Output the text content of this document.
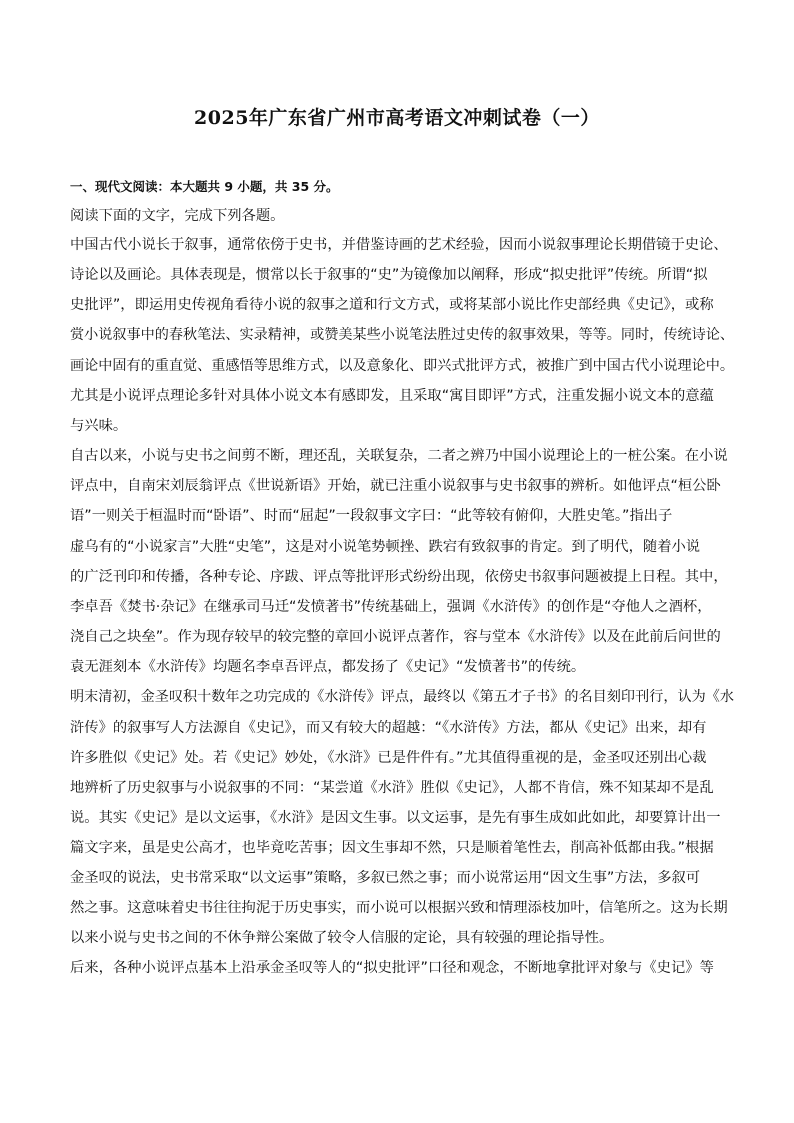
2025年广东省广州市高考语文冲刺试卷（一）
一、现代文阅读：本大题共 9 小题，共 35 分。
阅读下面的文字，完成下列各题。
中国古代小说长于叙事，通常依傍于史书，并借鉴诗画的艺术经验，因而小说叙事理论长期借镜于史论、
诗论以及画论。具体表现是，惯常以长于叙事的“史”为镜像加以阐释，形成“拟史批评”传统。所谓“拟
史批评”，即运用史传视角看待小说的叙事之道和行文方式，或将某部小说比作史部经典《史记》，或称
赏小说叙事中的春秋笔法、实录精神，或赞美某些小说笔法胜过史传的叙事效果，等等。同时，传统诗论、
画论中固有的重直觉、重感悟等思维方式，以及意象化、即兴式批评方式，被推广到中国古代小说理论中。
尤其是小说评点理论多针对具体小说文本有感即发，且采取“寓目即评”方式，注重发掘小说文本的意蕴
与兴味。
自古以来，小说与史书之间剪不断，理还乱，关联复杂，二者之辨乃中国小说理论上的一桩公案。在小说
评点中，自南宋刘辰翁评点《世说新语》开始，就已注重小说叙事与史书叙事的辨析。如他评点“桓公卧
语”一则关于桓温时而“卧语”、时而“屈起”一段叙事文字曰：“此等较有俯仰，大胜史笔。”指出子
虚乌有的“小说家言”大胜“史笔”，这是对小说笔势顿挫、跌宕有致叙事的肯定。到了明代，随着小说
的广泛刊印和传播，各种专论、序跋、评点等批评形式纷纷出现，依傍史书叙事问题被提上日程。其中，
李卓吾《焚书·杂记》在继承司马迁“发愤著书”传统基础上，强调《水浒传》的创作是“夺他人之酒杯，
浇自己之块垒”。作为现存较早的较完整的章回小说评点著作，容与堂本《水浒传》以及在此前后问世的
袁无涯刻本《水浒传》均题名李卓吾评点，都发扬了《史记》“发愤著书”的传统。
明末清初，金圣叹积十数年之功完成的《水浒传》评点，最终以《第五才子书》的名目刻印刊行，认为《水
浒传》的叙事写人方法源自《史记》，而又有较大的超越：“《水浒传》方法，都从《史记》出来，却有
许多胜似《史记》处。若《史记》妙处，《水浒》已是件件有。”尤其值得重视的是，金圣叹还别出心裁
地辨析了历史叙事与小说叙事的不同：“某尝道《水浒》胜似《史记》，人都不肯信，殊不知某却不是乱
说。其实《史记》是以文运事，《水浒》是因文生事。以文运事，是先有事生成如此如此，却要算计出一
篇文字来，虽是史公高才，也毕竟吃苦事；因文生事却不然，只是顺着笔性去，削高补低都由我。”根据
金圣叹的说法，史书常采取“以文运事”策略，多叙已然之事；而小说常运用“因文生事”方法，多叙可
然之事。这意味着史书往往拘泥于历史事实，而小说可以根据兴致和情理添枝加叶，信笔所之。这为长期
以来小说与史书之间的不休争辩公案做了较令人信服的定论，具有较强的理论指导性。
后来，各种小说评点基本上沿承金圣叹等人的“拟史批评”口径和观念，不断地拿批评对象与《史记》等
